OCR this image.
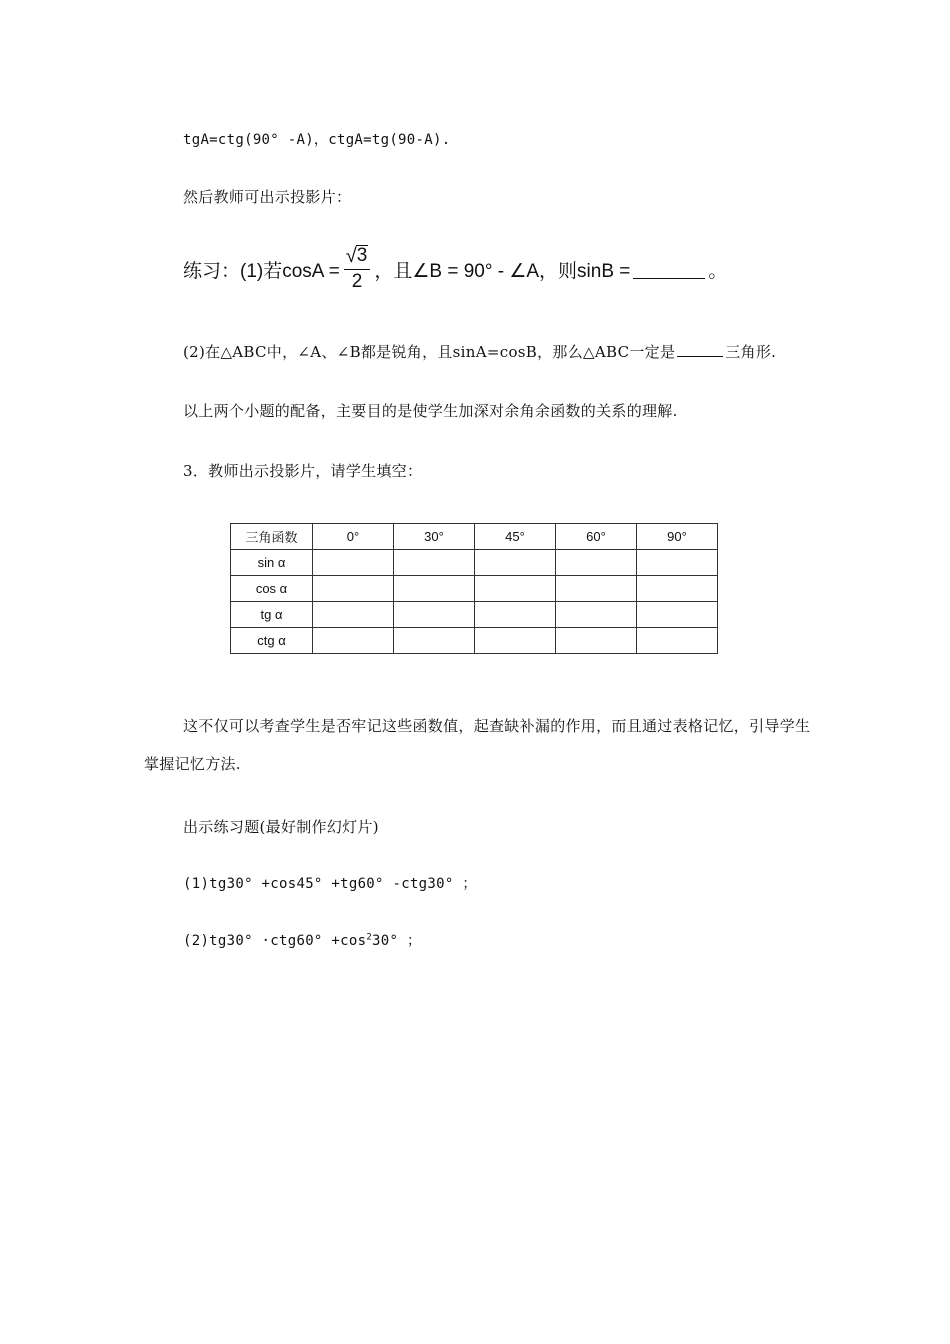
tgA=ctg(90° -A)，ctgA=tg(90-A).
然后教师可出示投影片：
练习：(1)若$\cos A = \frac{√ 3}{2}$ ，且∠B = 90° - ∠A，则sinB =	。
(2)在△ABC中，∠A、∠B都是锐角，且sinA=cosB，那么△ABC一定是	三角形.
以上两个小题的配备，主要目的是使学生加深对余角余函数的关系的理解.
3．教师出示投影片，请学生填空：
三角函数	0°	30°	45°	60°	90°
sin α					
cos α					
tg α					
ctg α					
这不仅可以考查学生是否牢记这些函数值，起查缺补漏的作用，而且通过表格记忆，引导学生掌握记忆方法.
出示练习题(最好制作幻灯片)
(1)tg30° +cos45° +tg60° -ctg30° ；
$(2)tg30^\circ \cdot ctg60^\circ +\cos^230^\circ$ ；
